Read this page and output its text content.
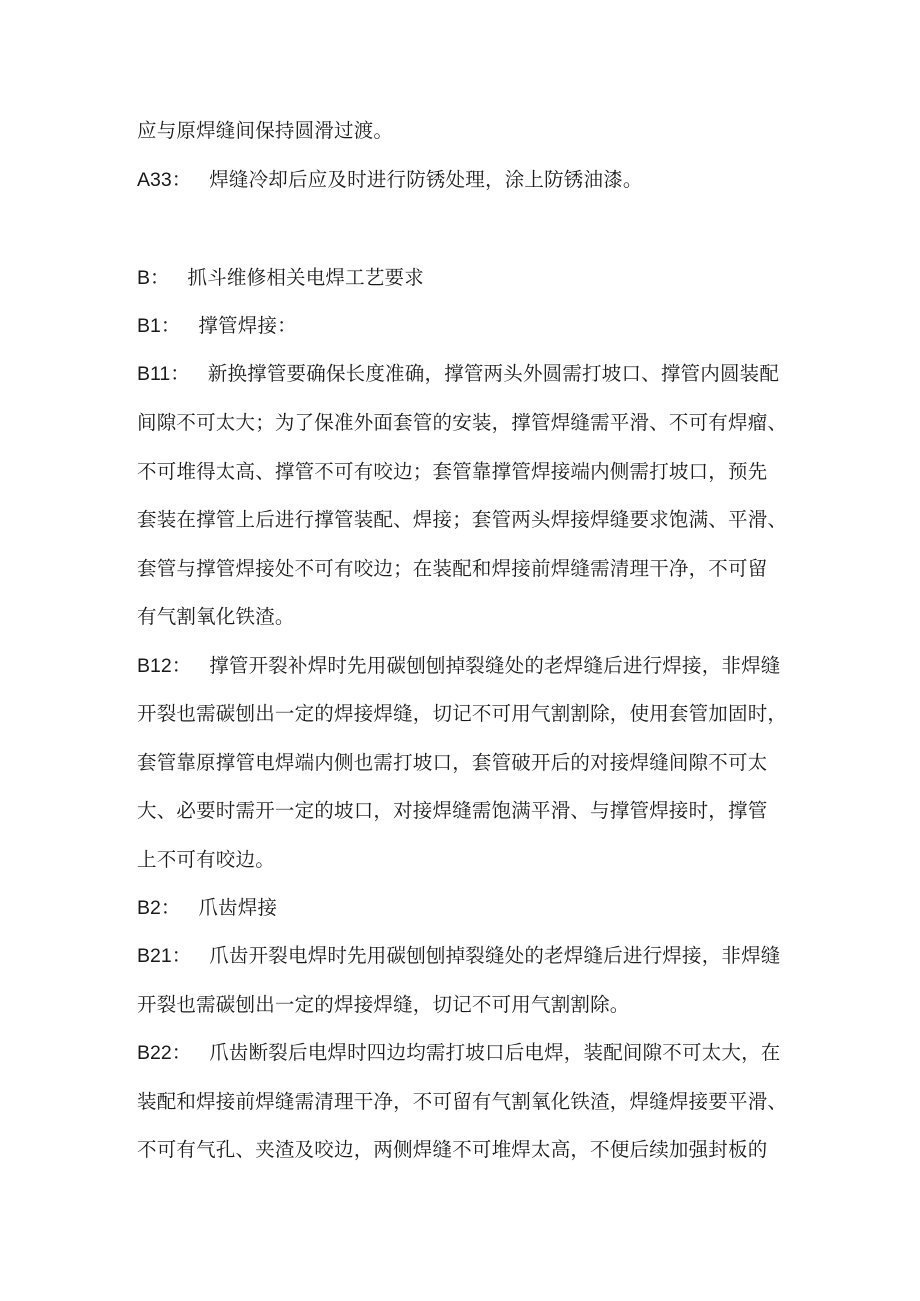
应与原焊缝间保持圆滑过渡。
A33： 焊缝冷却后应及时进行防锈处理，涂上防锈油漆。
B： 抓斗维修相关电焊工艺要求
B1： 撑管焊接：
B11： 新换撑管要确保长度准确，撑管两头外圆需打坡口、撑管内圆装配
间隙不可太大；为了保准外面套管的安装，撑管焊缝需平滑、不可有焊瘤、
不可堆得太高、撑管不可有咬边；套管靠撑管焊接端内侧需打坡口，预先
套装在撑管上后进行撑管装配、焊接；套管两头焊接焊缝要求饱满、平滑、
套管与撑管焊接处不可有咬边；在装配和焊接前焊缝需清理干净，不可留
有气割氧化铁渣。
B12： 撑管开裂补焊时先用碳刨刨掉裂缝处的老焊缝后进行焊接，非焊缝
开裂也需碳刨出一定的焊接焊缝，切记不可用气割割除，使用套管加固时，
套管靠原撑管电焊端内侧也需打坡口，套管破开后的对接焊缝间隙不可太
大、必要时需开一定的坡口，对接焊缝需饱满平滑、与撑管焊接时，撑管
上不可有咬边。
B2： 爪齿焊接
B21： 爪齿开裂电焊时先用碳刨刨掉裂缝处的老焊缝后进行焊接，非焊缝
开裂也需碳刨出一定的焊接焊缝，切记不可用气割割除。
B22： 爪齿断裂后电焊时四边均需打坡口后电焊，装配间隙不可太大，在
装配和焊接前焊缝需清理干净，不可留有气割氧化铁渣，焊缝焊接要平滑、
不可有气孔、夹渣及咬边，两侧焊缝不可堆焊太高，不便后续加强封板的
